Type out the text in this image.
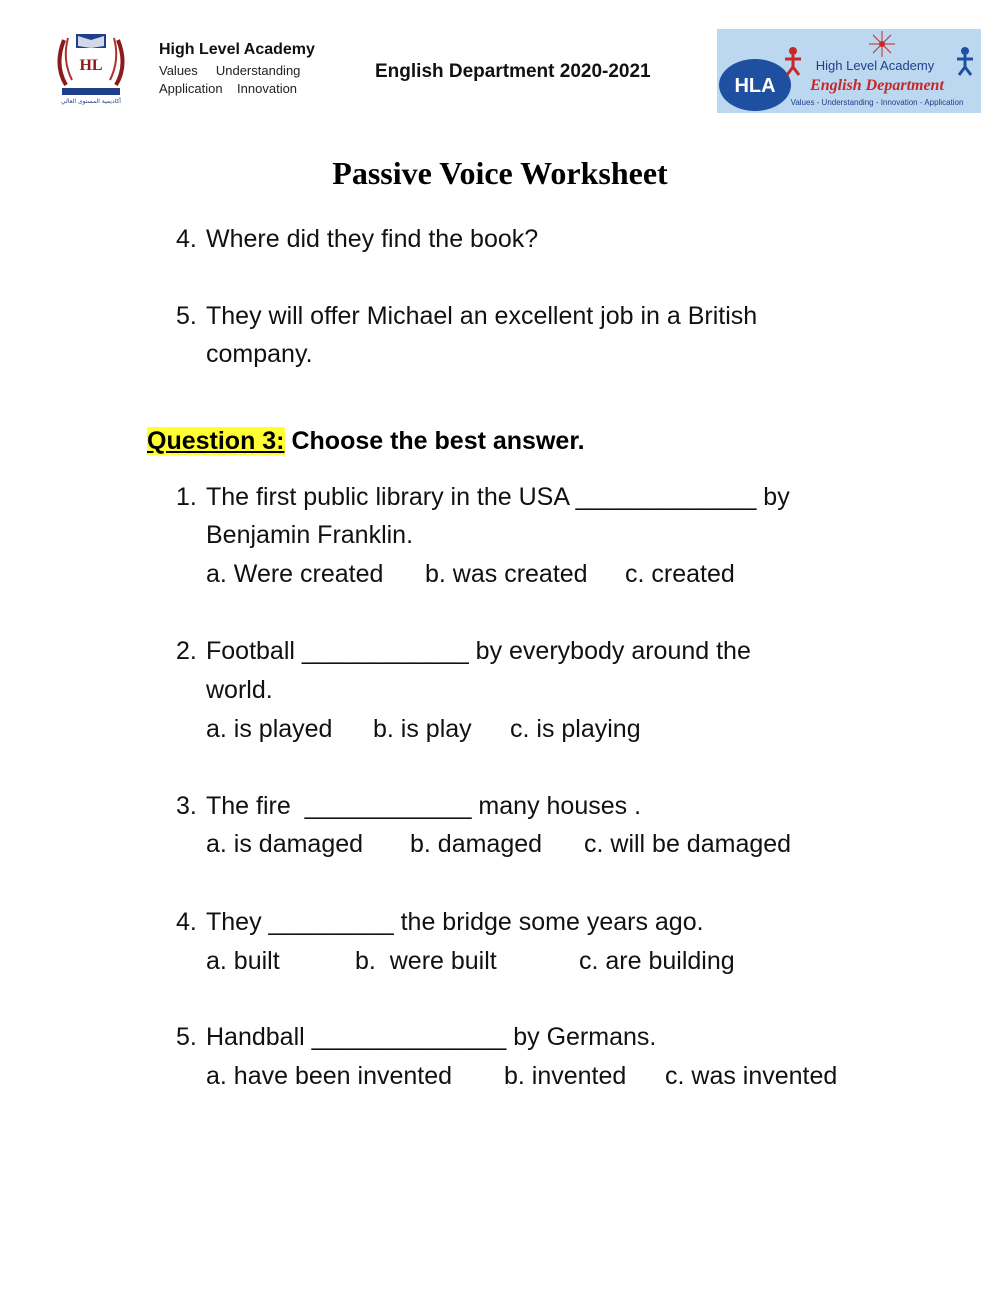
HL
أكاديمية المستوى العالي
High Level Academy
Values     Understanding
Application    Innovation
English Department 2020-2021
HLA
High Level Academy
English Department
Values - Understanding - Innovation - Application
Passive Voice Worksheet
4. Where did they find the book?
5. They will offer Michael an excellent job in a British
company.
Question 3: Choose the best answer.
1. The first public library in the USA _____________ by
Benjamin Franklin.
a. Were created b. was created c. created
2. Football ____________ by everybody around the
world.
a. is played b. is play c. is playing
3. The fire  ____________ many houses .
a. is damaged b. damaged c. will be damaged
4. They _________ the bridge some years ago.
a. built	b.  were built	c. are building
5. Handball ______________ by Germans.
a. have been invented b. invented c. was invented
